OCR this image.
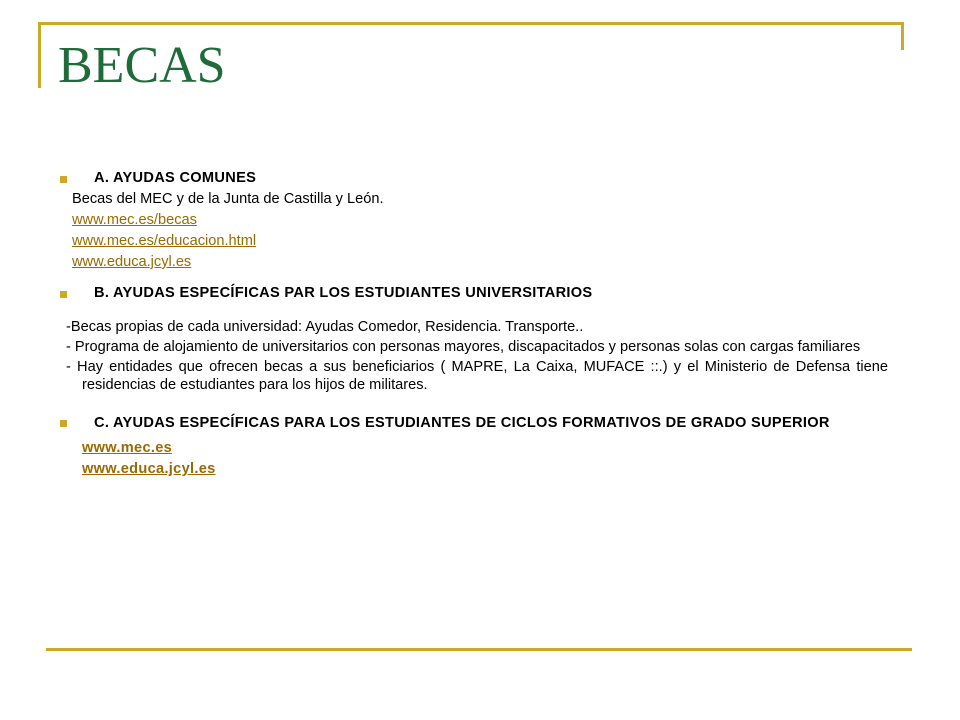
BECAS
A. AYUDAS COMUNES
Becas del MEC y de la Junta de Castilla y León.
www.mec.es/becas
www.mec.es/educacion.html
www.educa.jcyl.es
B. AYUDAS ESPECÍFICAS PAR LOS ESTUDIANTES UNIVERSITARIOS
-Becas propias de cada universidad: Ayudas Comedor, Residencia. Transporte..
- Programa de alojamiento de universitarios con personas mayores, discapacitados y personas solas con cargas familiares
- Hay entidades que ofrecen becas a sus beneficiarios ( MAPRE, La Caixa, MUFACE ::.) y el Ministerio de Defensa tiene residencias de estudiantes para los hijos de militares.
C. AYUDAS ESPECÍFICAS PARA LOS ESTUDIANTES DE CICLOS FORMATIVOS DE GRADO SUPERIOR
www.mec.es
www.educa.jcyl.es
